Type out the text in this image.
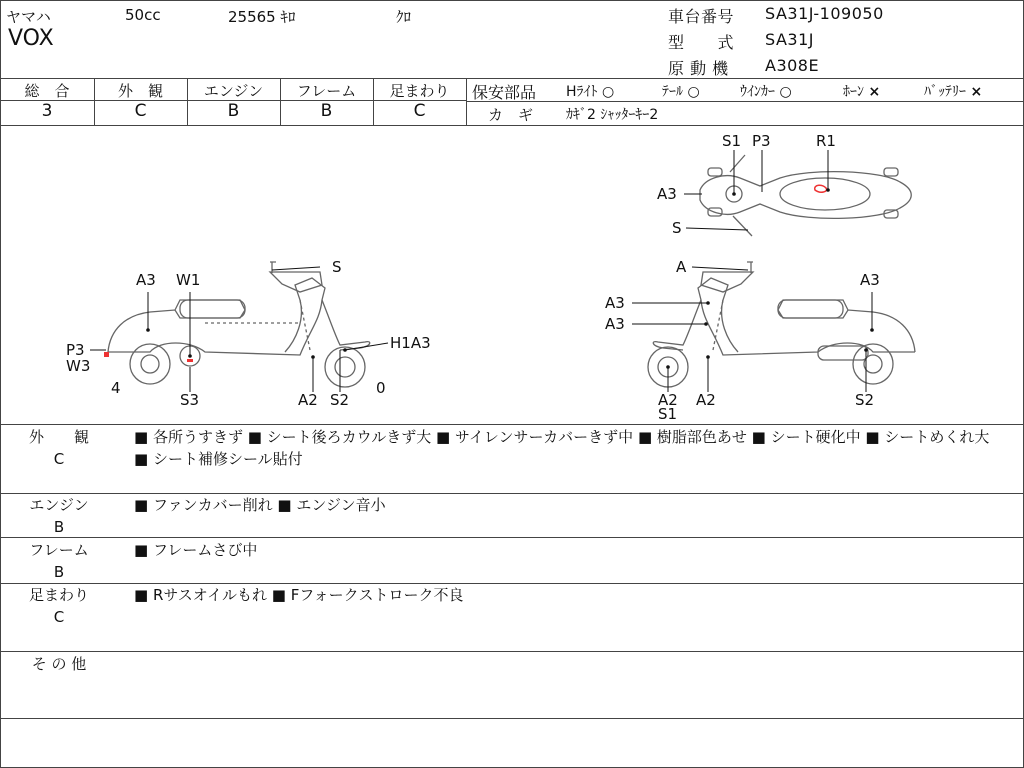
ヤマハ	50cc	25565 ｷﾛ	ｸﾛ
VOX
車台番号 SA31J-109050
型　　式 SA31J
原 動 機 A308E
総　合	外　観	エンジン	フレーム	足まわり
3	C	B	B	C
保安部品 Hﾗｲﾄ ○	ﾃｰﾙ ○	ｳｲﾝｶｰ ○	ﾎｰﾝ ×	ﾊﾞｯﾃﾘｰ ×
カ　ギ ｶｷﾞ2 ｼｬｯﾀｰｷｰ2
A3 W1
S
P3
W3
H1A3
4	0
S3	A2 S2
A
A3
A3
A3
A2 A2
S1
S2
S1 P3	R1
A3
S
外　　観
C
■ 各所うすきず ■ シート後ろカウルきず大 ■ サイレンサーカバーきず中 ■ 樹脂部色あせ ■ シート硬化中 ■ シートめくれ大 ■ シート補修シール貼付
エンジン
B
■ ファンカバー削れ ■ エンジン音小
フレーム
B
■ フレームさび中
足まわり
C
■ Rサスオイルもれ ■ Fフォークストローク不良
そ の 他
